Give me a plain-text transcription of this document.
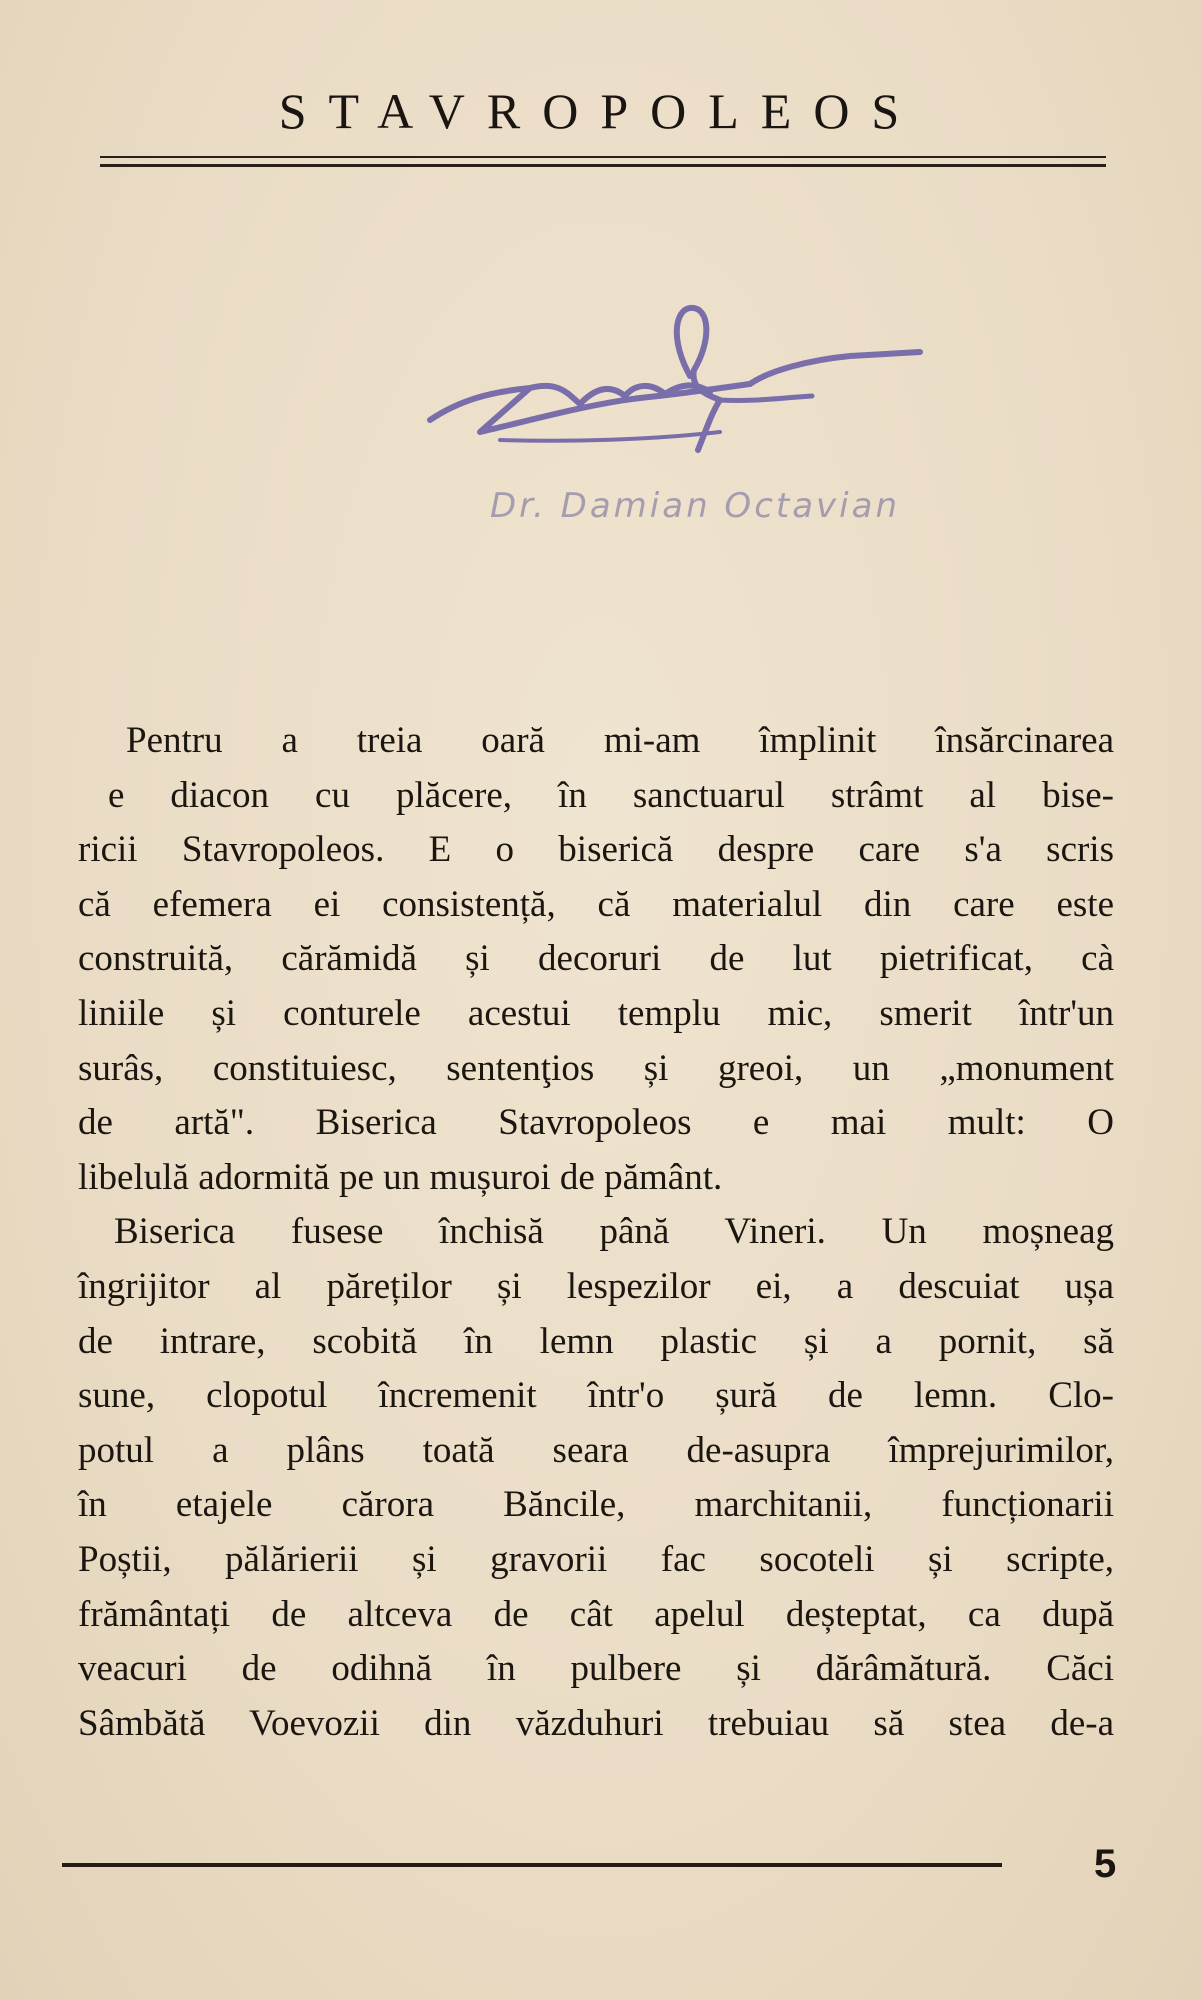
STAVROPOLEOS
Dr. Damian Octavian
Pentru a treia oară mi-am împlinit însărcinarea
e diacon cu plăcere, în sanctuarul strâmt al bise-
ricii Stavropoleos. E o biserică despre care s'a scris
că efemera ei consistență, că materialul din care este
construită, cărămidă și decoruri de lut pietrificat, cà
liniile și conturele acestui templu mic, smerit într'un
surâs, constituiesc, sentenţios și greoi, un „monument
de artă". Biserica Stavropoleos e mai mult: O
libelulă adormită pe un mușuroi de pământ.
Biserica fusese închisă până Vineri. Un moșneag
îngrijitor al păreților și lespezilor ei, a descuiat ușa
de intrare, scobită în lemn plastic și a pornit, să
sune, clopotul încremenit într'o șură de lemn. Clo-
potul a plâns toată seara de-asupra împrejurimilor,
în etajele cărora Băncile, marchitanii, funcționarii
Poștii, pălărierii și gravorii fac socoteli și scripte,
frământați de altceva de cât apelul deșteptat, ca după
veacuri de odihnă în pulbere și dărâmătură. Căci
Sâmbătă Voevozii din văzduhuri trebuiau să stea de-a
5
